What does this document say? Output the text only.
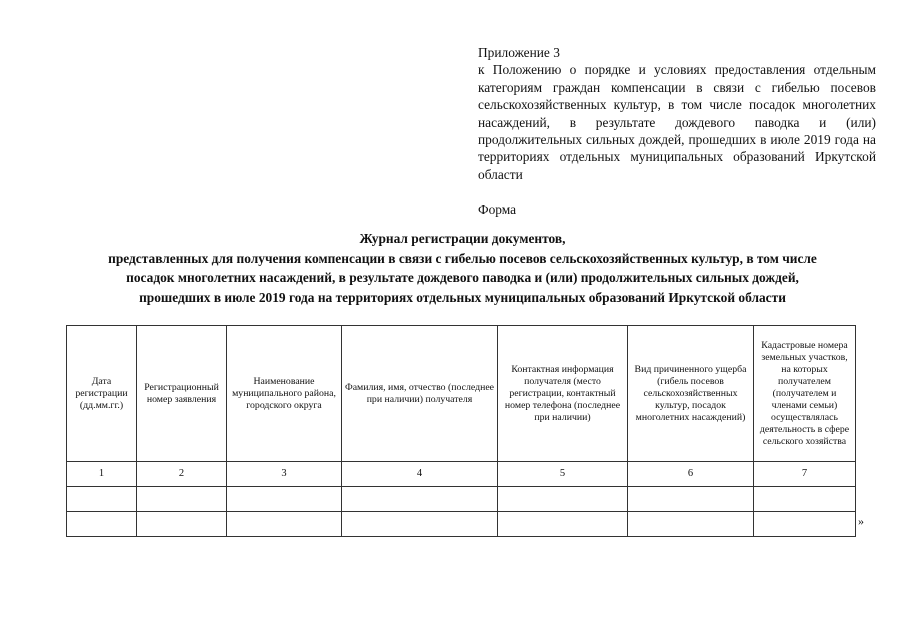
Приложение 3
к Положению о порядке и условиях предоставления отдельным категориям граждан компенсации в связи с гибелью посевов сельскохозяйственных культур, в том числе посадок многолетних насаждений, в результате дождевого паводка и (или) продолжительных сильных дождей, прошедших в июле 2019 года на территориях отдельных муниципальных образований Иркутской области
Форма
Журнал регистрации документов,
представленных для получения компенсации в связи с гибелью посевов сельскохозяйственных культур, в том числе
посадок многолетних насаждений, в результате дождевого паводка и (или) продолжительных сильных дождей,
прошедших в июле 2019 года на территориях отдельных муниципальных образований Иркутской области
Дата регистрации (дд.мм.гг.)	Регистрационный номер заявления	Наименование муниципального района, городского округа	Фамилия, имя, отчество (последнее при наличии) получателя	Контактная информация получателя (место регистрации, контактный номер телефона (последнее при наличии)	Вид причиненного ущерба (гибель посевов сельскохозяйственных культур, посадок многолетних насаждений)	Кадастровые номера земельных участков, на которых получателем (получателем и членами семьи) осуществлялась деятельность в сфере сельского хозяйства
1	2	3	4	5	6	7

»
